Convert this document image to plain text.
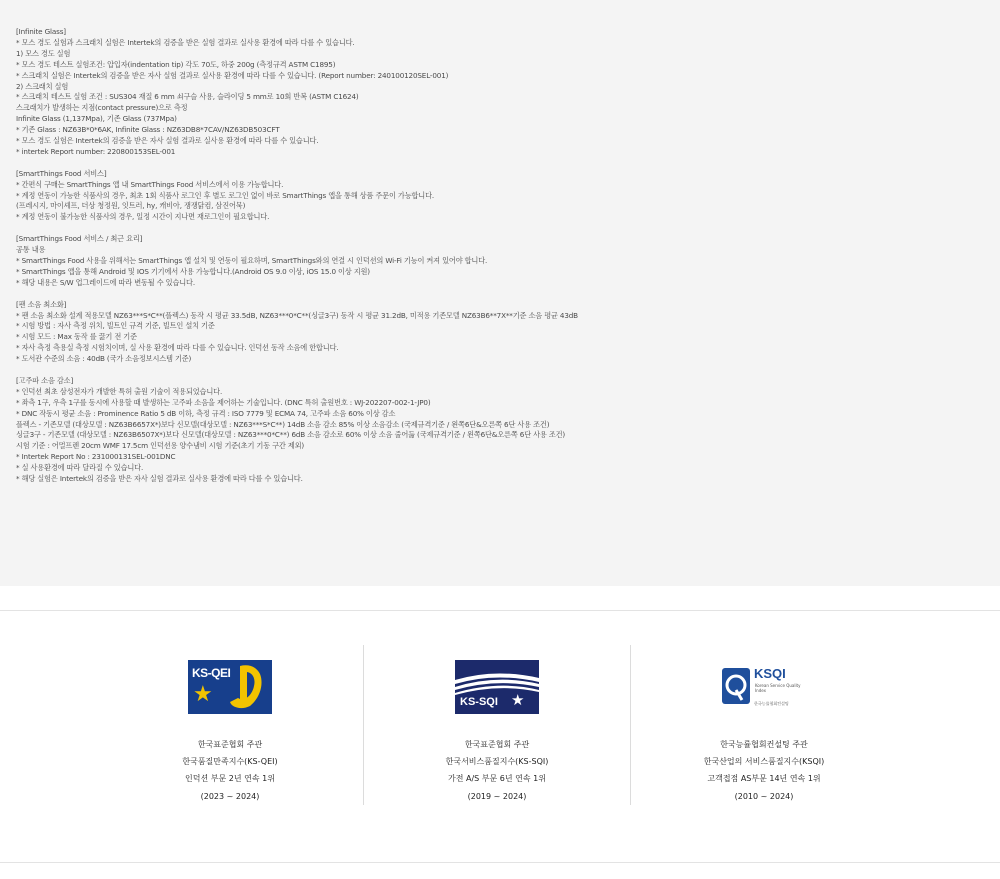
[Infinite Glass]

* 모스 경도 실험과 스크래치 실험은 Intertek의 검증을 받은 실험 결과로 실사용 환경에 따라 다를 수 있습니다.

1) 모스 경도 실험

* 모스 경도 테스트 실험조건: 압입자(indentation tip) 각도 70도, 하중 200g (측정규격 ASTM C1895)

* 스크래치 실험은 Intertek의 검증을 받은 자사 실험 결과로 실사용 환경에 따라 다를 수 있습니다. (Report number: 240100120SEL-001)

2) 스크래치 실험

* 스크래치 테스트 실험 조건 : SUS304 재질 6 mm 쇠구슬 사용, 슬라이딩 5 mm로 10회 반복 (ASTM C1624)

스크래치가 발생하는 지점(contact pressure)으로 측정

Infinite Glass (1,137Mpa), 기존 Glass (737Mpa)

* 기존 Glass : NZ63B*0*6AK, Infinite Glass : NZ63DB8*7CAV/NZ63DB503CFT

* 모스 경도 실험은 Intertek의 검증을 받은 자사 실험 결과로 실사용 환경에 따라 다를 수 있습니다.

* intertek Report number: 220800153SEL-001

[SmartThings Food 서비스]

* 간편식 구매는 SmartThings 앱 내 SmartThings Food 서비스에서 이용 가능합니다.

* 계정 연동이 가능한 식품사의 경우, 최초 1회 식품사 로그인 후 별도 로그인 없이 바로 SmartThings 앱을 통해 상품 주문이 가능합니다.

(프레시지, 마이셰프, 더상 청정원, 잇트러, hy, 캐비아, 쟁쟁닭컴, 삼진어묵)

* 계정 연동이 불가능한 식품사의 경우, 일정 시간이 지나면 재로그인이 필요합니다.

[SmartThings Food 서비스 / 최근 요리]

공통 내용

* SmartThings Food 사용을 위해서는 SmartThings 앱 설치 및 연동이 필요하며, SmartThings와의 연결 시 인덕션의 Wi-Fi 기능이 켜져 있어야 합니다.

* SmartThings 앱을 통해 Android 및 IOS 기기에서 사용 가능합니다.(Android OS 9.0 이상, iOS 15.0 이상 지원)

* 해당 내용은 S/W 업그레이드에 따라 변동될 수 있습니다.

[팬 소음 최소화]

* 팬 소음 최소화 설계 적용모델 NZ63***S*C**(플렉스) 동작 시 평균 33.5dB, NZ63***0*C**(싱글3구) 동작 시 평균 31.2dB, 미적용 기존모델 NZ63B6**7X**기준 소음 평균 43dB

* 시험 방법 : 자사 측정 위치, 빌트인 규격 기준, 빌트인 설치 기준

* 시험 모드 : Max 동작 를 끓기 전 기준

* 자사 측정 측용실 측정 시험치이며, 실 사용 환경에 따라 다를 수 있습니다. 인덕션 동작 소음에 한합니다.

* 도서관 수준의 소음 : 40dB (국가 소음정보시스템 기준)

[고주파 소음 감소]

* 인덕션 최초 삼성전자가 개발한 특허 출원 기술이 적용되었습니다.

* 좌측 1구, 우측 1구를 동시에 사용할 때 발생하는 고주파 소음을 제어하는 기술입니다. (DNC 특허 출원번호 : WJ-202207-002-1-JP0)

* DNC 작동시 평균 소음 : Prominence Ratio 5 dB 이하, 측정 규격 : ISO 7779 및 ECMA 74, 고주파 소음 60% 이상 감소

플렉스 - 기존모델 (대상모델 : NZ63B6657X*)보다 신모델(대상모델 : NZ63***S*C**) 14dB 소음 감소 85% 이상 소음감소 (국제규격기준 / 왼쪽6단&오른쪽 6단 사용 조건)

싱글3구 - 기존모델 (대상모델 : NZ63B6507X*)보다 신모델(대상모델 : NZ63***0*C**) 6dB 소음 감소로 60% 이상 소음 줄어듦 (국제규격기준 / 왼쪽6단&오른쪽 6단 사용 조건)

시험 기준 : 어멀프렌 20cm WMF 17.5cm 인덕션용 양수냄비 시험 기준(초기 기동 구간 제외)

* Intertek Report No : 231000131SEL-001DNC

* 실 사용환경에 따라 달라질 수 있습니다.

* 해당 실험은 Intertek의 검증을 받은 자사 실험 결과로 실사용 환경에 따라 다를 수 있습니다.

KS-QEI
★

한국표준협회 주관

한국품질만족지수(KS-QEI)

인덕션 부문 2년 연속 1위

(2023 ~ 2024)

KS-SQI ★

한국표준협회 주관

한국서비스품질지수(KS-SQI)

가전 A/S 부문 6년 연속 1위

(2019 ~ 2024)

KSQI
Korean Service Quality Index
한국능률협회컨설팅

한국능률협회컨설팅 주관

한국산업의 서비스품질지수(KSQI)

고객접점 AS부문 14년 연속 1위

(2010 ~ 2024)
